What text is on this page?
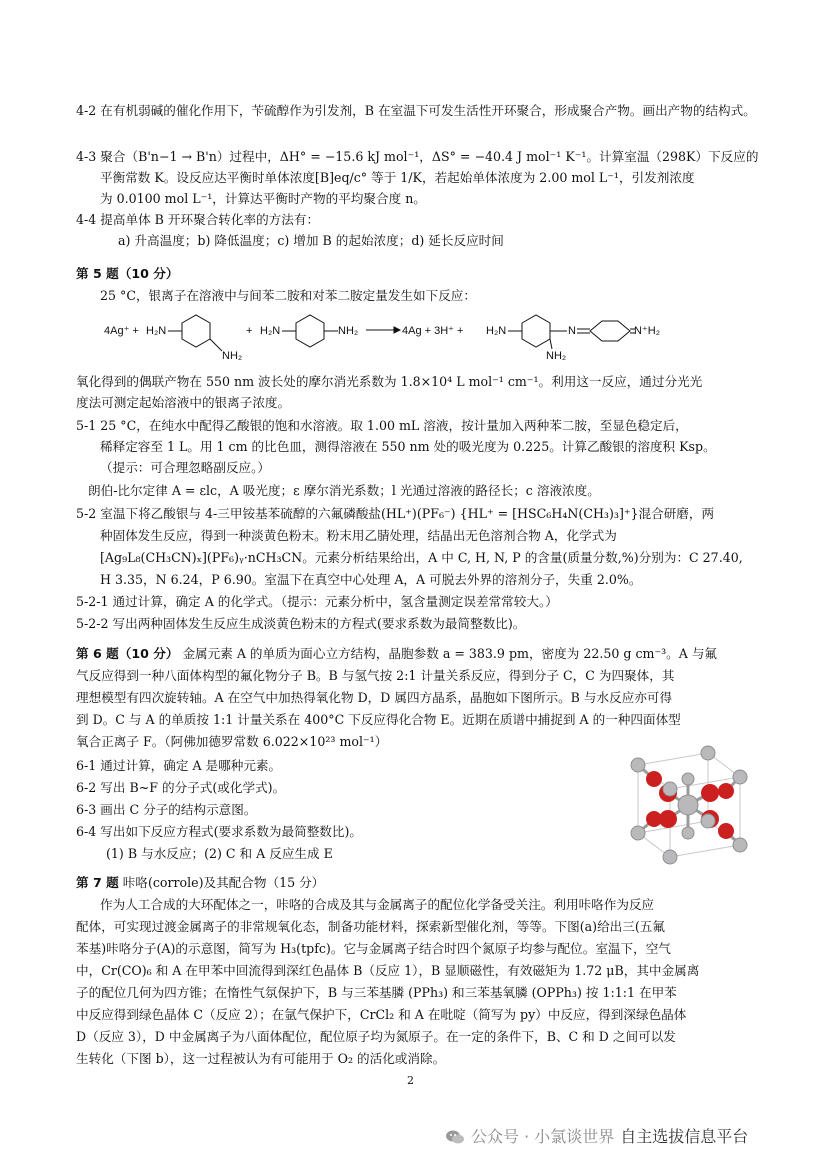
4-2 在有机弱碱的催化作用下，苄硫醇作为引发剂，B 在室温下可发生活性开环聚合，形成聚合产物。画出产物的结构式。

4-3 聚合（B'n−1 → B'n）过程中，ΔH° = −15.6 kJ mol⁻¹，ΔS° = −40.4 J mol⁻¹ K⁻¹。计算室温（298K）下反应的

平衡常数 K。设反应达平衡时单体浓度[B]eq/c° 等于 1/K，若起始单体浓度为 2.00 mol L⁻¹，引发剂浓度

为 0.0100 mol L⁻¹，计算达平衡时产物的平均聚合度 n。

4-4 提高单体 B 开环聚合转化率的方法有：

a) 升高温度；b) 降低温度；c) 增加 B 的起始浓度；d) 延长反应时间

第 5 题（10 分）

25 °C，银离子在溶液中与间苯二胺和对苯二胺定量发生如下反应：

4Ag⁺ + H₂N
NH₂
+ H₂N	NH₂	4Ag + 3H⁺ + H₂N
NH₂
N	N⁺H₂

氧化得到的偶联产物在 550 nm 波长处的摩尔消光系数为 1.8×10⁴ L mol⁻¹ cm⁻¹。利用这一反应，通过分光光

度法可测定起始溶液中的银离子浓度。

5-1 25 °C，在纯水中配得乙酸银的饱和水溶液。取 1.00 mL 溶液，按计量加入两种苯二胺，至显色稳定后，

稀释定容至 1 L。用 1 cm 的比色皿，测得溶液在 550 nm 处的吸光度为 0.225。计算乙酸银的溶度积 Ksp。

（提示：可合理忽略副反应。）

朗伯-比尔定律 A = εlc，A 吸光度；ε 摩尔消光系数；l 光通过溶液的路径长；c 溶液浓度。

5-2 室温下将乙酸银与 4-三甲铵基苯硫醇的六氟磷酸盐(HL⁺)(PF₆⁻) {HL⁺ = [HSC₆H₄N(CH₃)₃]⁺}混合研磨，两

种固体发生反应，得到一种淡黄色粉末。粉末用乙腈处理，结晶出无色溶剂合物 A，化学式为

[Ag₉L₈(CH₃CN)ₓ](PF₆)ᵧ·nCH₃CN。元素分析结果给出，A 中 C, H, N, P 的含量(质量分数,%)分别为：C 27.40,

H 3.35，N 6.24，P 6.90。室温下在真空中心处理 A，A 可脱去外界的溶剂分子，失重 2.0%。

5-2-1 通过计算，确定 A 的化学式。（提示：元素分析中，氢含量测定误差常常较大。）

5-2-2 写出两种固体发生反应生成淡黄色粉末的方程式(要求系数为最简整数比)。

第 6 题（10 分） 金属元素 A 的单质为面心立方结构，晶胞参数 a = 383.9 pm，密度为 22.50 g cm⁻³。A 与氟

气反应得到一种八面体构型的氟化物分子 B。B 与氢气按 2:1 计量关系反应，得到分子 C，C 为四聚体，其

理想模型有四次旋转轴。A 在空气中加热得氧化物 D，D 属四方晶系，晶胞如下图所示。B 与水反应亦可得

到 D。C 与 A 的单质按 1:1 计量关系在 400°C 下反应得化合物 E。近期在质谱中捕捉到 A 的一种四面体型

氧合正离子 F。（阿佛加德罗常数 6.022×10²³ mol⁻¹）

6-1 通过计算，确定 A 是哪种元素。

6-2 写出 B~F 的分子式(或化学式)。

6-3 画出 C 分子的结构示意图。

6-4 写出如下反应方程式(要求系数为最简整数比)。

(1) B 与水反应；(2) C 和 A 反应生成 E

第 7 题 咔咯(corrole)及其配合物（15 分）

作为人工合成的大环配体之一，咔咯的合成及其与金属离子的配位化学备受关注。利用咔咯作为反应

配体，可实现过渡金属离子的非常规氧化态，制备功能材料，探索新型催化剂，等等。下图(a)给出三(五氟

苯基)咔咯分子(A)的示意图，简写为 H₃(tpfc)。它与金属离子结合时四个氮原子均参与配位。室温下，空气

中，Cr(CO)₆ 和 A 在甲苯中回流得到深红色晶体 B（反应 1），B 显顺磁性，有效磁矩为 1.72 μB，其中金属离

子的配位几何为四方锥；在惰性气氛保护下，B 与三苯基膦 (PPh₃) 和三苯基氧膦 (OPPh₃) 按 1:1:1 在甲苯

中反应得到绿色晶体 C（反应 2）；在氩气保护下，CrCl₂ 和 A 在吡啶（简写为 py）中反应，得到深绿色晶体

D（反应 3），D 中金属离子为八面体配位，配位原子均为氮原子。在一定的条件下，B、C 和 D 之间可以发

生转化（下图 b），这一过程被认为有可能用于 O₂ 的活化或消除。

2
公众号 · 小氯谈世界 自主选拔信息平台
